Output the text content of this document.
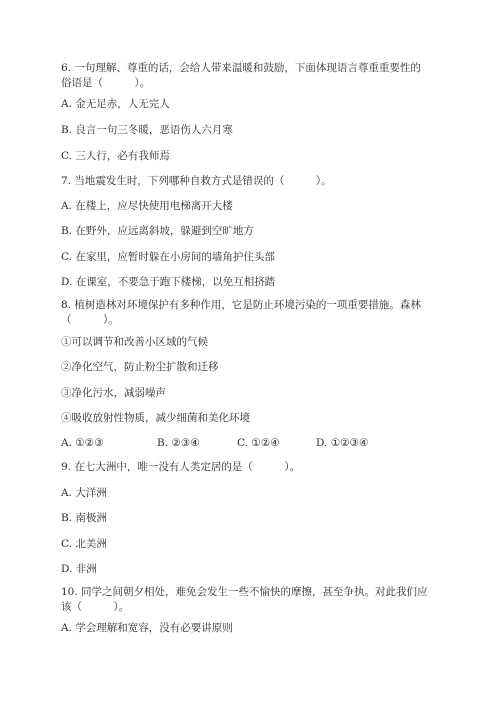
6. 一句理解、尊重的话，会给人带来温暖和鼓励，下面体现语言尊重重要性的
俗语是（　　　）。
A. 金无足赤，人无完人
B. 良言一句三冬暖，恶语伤人六月寒
C. 三人行，必有我师焉
7. 当地震发生时，下列哪种自救方式是错误的（　　　）。
A. 在楼上，应尽快使用电梯离开大楼
B. 在野外，应远离斜坡，躲避到空旷地方
C. 在家里，应暂时躲在小房间的墙角护住头部
D. 在课室，不要急于跑下楼梯，以免互相挤踏
8. 植树造林对环境保护有多种作用，它是防止环境污染的一项重要措施。森林
（　　　）。
①可以调节和改善小区域的气候
②净化空气，防止粉尘扩散和迁移
③净化污水，减弱噪声
④吸收放射性物质，减少细菌和美化环境
A. ①②③	B. ②③④	C. ①②④	D. ①②③④
9. 在七大洲中，唯一没有人类定居的是（　　　）。
A. 大洋洲
B. 南极洲
C. 北美洲
D. 非洲
10. 同学之间朝夕相处，难免会发生一些不愉快的摩擦，甚至争执。对此我们应
该（　　　）。
A. 学会理解和宽容，没有必要讲原则
